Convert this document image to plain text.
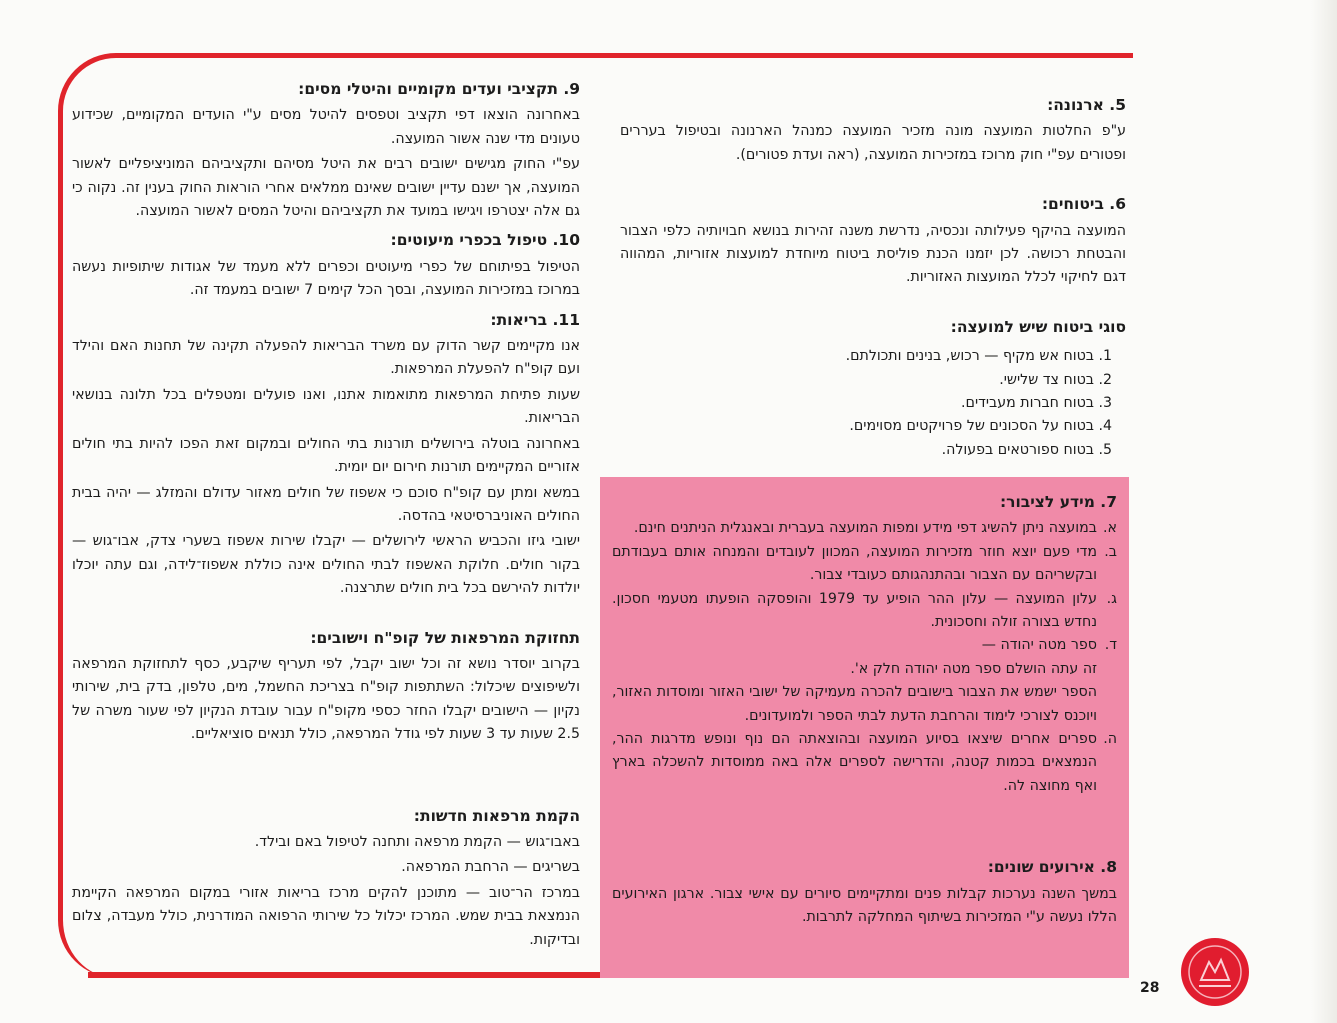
5. ארנונה:

ע"פ החלטות המועצה מונה מזכיר המועצה כמנהל הארנונה ובטיפול בעררים ופטורים עפ"י חוק מרוכז במזכירות המועצה, (ראה ועדת פטורים).

6. ביטוחים:

המועצה בהיקף פעילותה ונכסיה, נדרשת משנה זהירות בנושא חבויותיה כלפי הצבור והבטחת רכושה. לכן יזמנו הכנת פוליסת ביטוח מיוחדת למועצות אזוריות, המהווה דגם לחיקוי לכלל המועצות האזוריות.

סוגי ביטוח שיש למועצה:
1. בטוח אש מקיף — רכוש, בנינים ותכולתם.
2. בטוח צד שלישי.
3. בטוח חברות מעבידים.
4. בטוח על הסכונים של פרויקטים מסוימים.
5. בטוח ספורטאים בפעולה.
7. מידע לציבור:
א.
במועצה ניתן להשיג דפי מידע ומפות המועצה בעברית ובאנגלית הניתנים חינם.
ב.
מדי פעם יוצא חוזר מזכירות המועצה, המכוון לעובדים והמנחה אותם בעבודתם ובקשריהם עם הצבור ובהתנהגותם כעובדי צבור.
ג.
עלון המועצה — עלון ההר הופיע עד 1979 והופסקה הופעתו מטעמי חסכון. נחדש בצורה זולה וחסכונית.
ד.
ספר מטה יהודה —
זה עתה הושלם ספר מטה יהודה חלק א'.
הספר ישמש את הצבור בישובים להכרה מעמיקה של ישובי האזור ומוסדות האזור, ויוכנס לצורכי לימוד והרחבת הדעת לבתי הספר ולמועדונים.
ה.
ספרים אחרים שיצאו בסיוע המועצה ובהוצאתה הם נוף ונופש מדרגות ההר, הנמצאים בכמות קטנה, והדרישה לספרים אלה באה ממוסדות להשכלה בארץ ואף מחוצה לה.
8. אירועים שונים:

במשך השנה נערכות קבלות פנים ומתקיימים סיורים עם אישי צבור. ארגון האירועים הללו נעשה ע"י המזכירות בשיתוף המחלקה לתרבות.

9. תקציבי ועדים מקומיים והיטלי מסים:

באחרונה הוצאו דפי תקציב וטפסים להיטל מסים ע"י הועדים המקומיים, שכידוע טעונים מדי שנה אשור המועצה.

עפ"י החוק מגישים ישובים רבים את היטל מסיהם ותקציביהם המוניציפליים לאשור המועצה, אך ישנם עדיין ישובים שאינם ממלאים אחרי הוראות החוק בענין זה. נקוה כי גם אלה יצטרפו ויגישו במועד את תקציביהם והיטל המסים לאשור המועצה.

10. טיפול בכפרי מיעוטים:

הטיפול בפיתוחם של כפרי מיעוטים וכפרים ללא מעמד של אגודות שיתופיות נעשה במרוכז במזכירות המועצה, ובסך הכל קימים 7 ישובים במעמד זה.

11. בריאות:

אנו מקיימים קשר הדוק עם משרד הבריאות להפעלה תקינה של תחנות האם והילד ועם קופ"ח להפעלת המרפאות.

שעות פתיחת המרפאות מתואמות אתנו, ואנו פועלים ומטפלים בכל תלונה בנושאי הבריאות.

באחרונה בוטלה בירושלים תורנות בתי החולים ובמקום זאת הפכו להיות בתי חולים אזוריים המקיימים תורנות חירום יום יומית.

במשא ומתן עם קופ"ח סוכם כי אשפוז של חולים מאזור עדולם והמזלג — יהיה בבית החולים האוניברסיטאי בהדסה.

ישובי גיזו והכביש הראשי לירושלים — יקבלו שירות אשפוז בשערי צדק, אבו־גוש — בקור חולים. חלוקת האשפוז לבתי החולים אינה כוללת אשפוז־לידה, וגם עתה יוכלו יולדות להירשם בכל בית חולים שתרצנה.

תחזוקת המרפאות של קופ"ח וישובים:

בקרוב יוסדר נושא זה וכל ישוב יקבל, לפי תעריף שיקבע, כסף לתחזוקת המרפאה ולשיפוצים שיכלול: השתתפות קופ"ח בצריכת החשמל, מים, טלפון, בדק בית, שירותי נקיון — הישובים יקבלו החזר כספי מקופ"ח עבור עובדת הנקיון לפי שעור משרה של 2.5 שעות עד 3 שעות לפי גודל המרפאה, כולל תנאים סוציאליים.

הקמת מרפאות חדשות:

באבו־גוש — הקמת מרפאה ותחנה לטיפול באם ובילד.

בשריגים — הרחבת המרפאה.

במרכז הר־טוב — מתוכנן להקים מרכז בריאות אזורי במקום המרפאה הקיימת הנמצאת בבית שמש. המרכז יכלול כל שירותי הרפואה המודרנית, כולל מעבדה, צלום ובדיקות.

28
